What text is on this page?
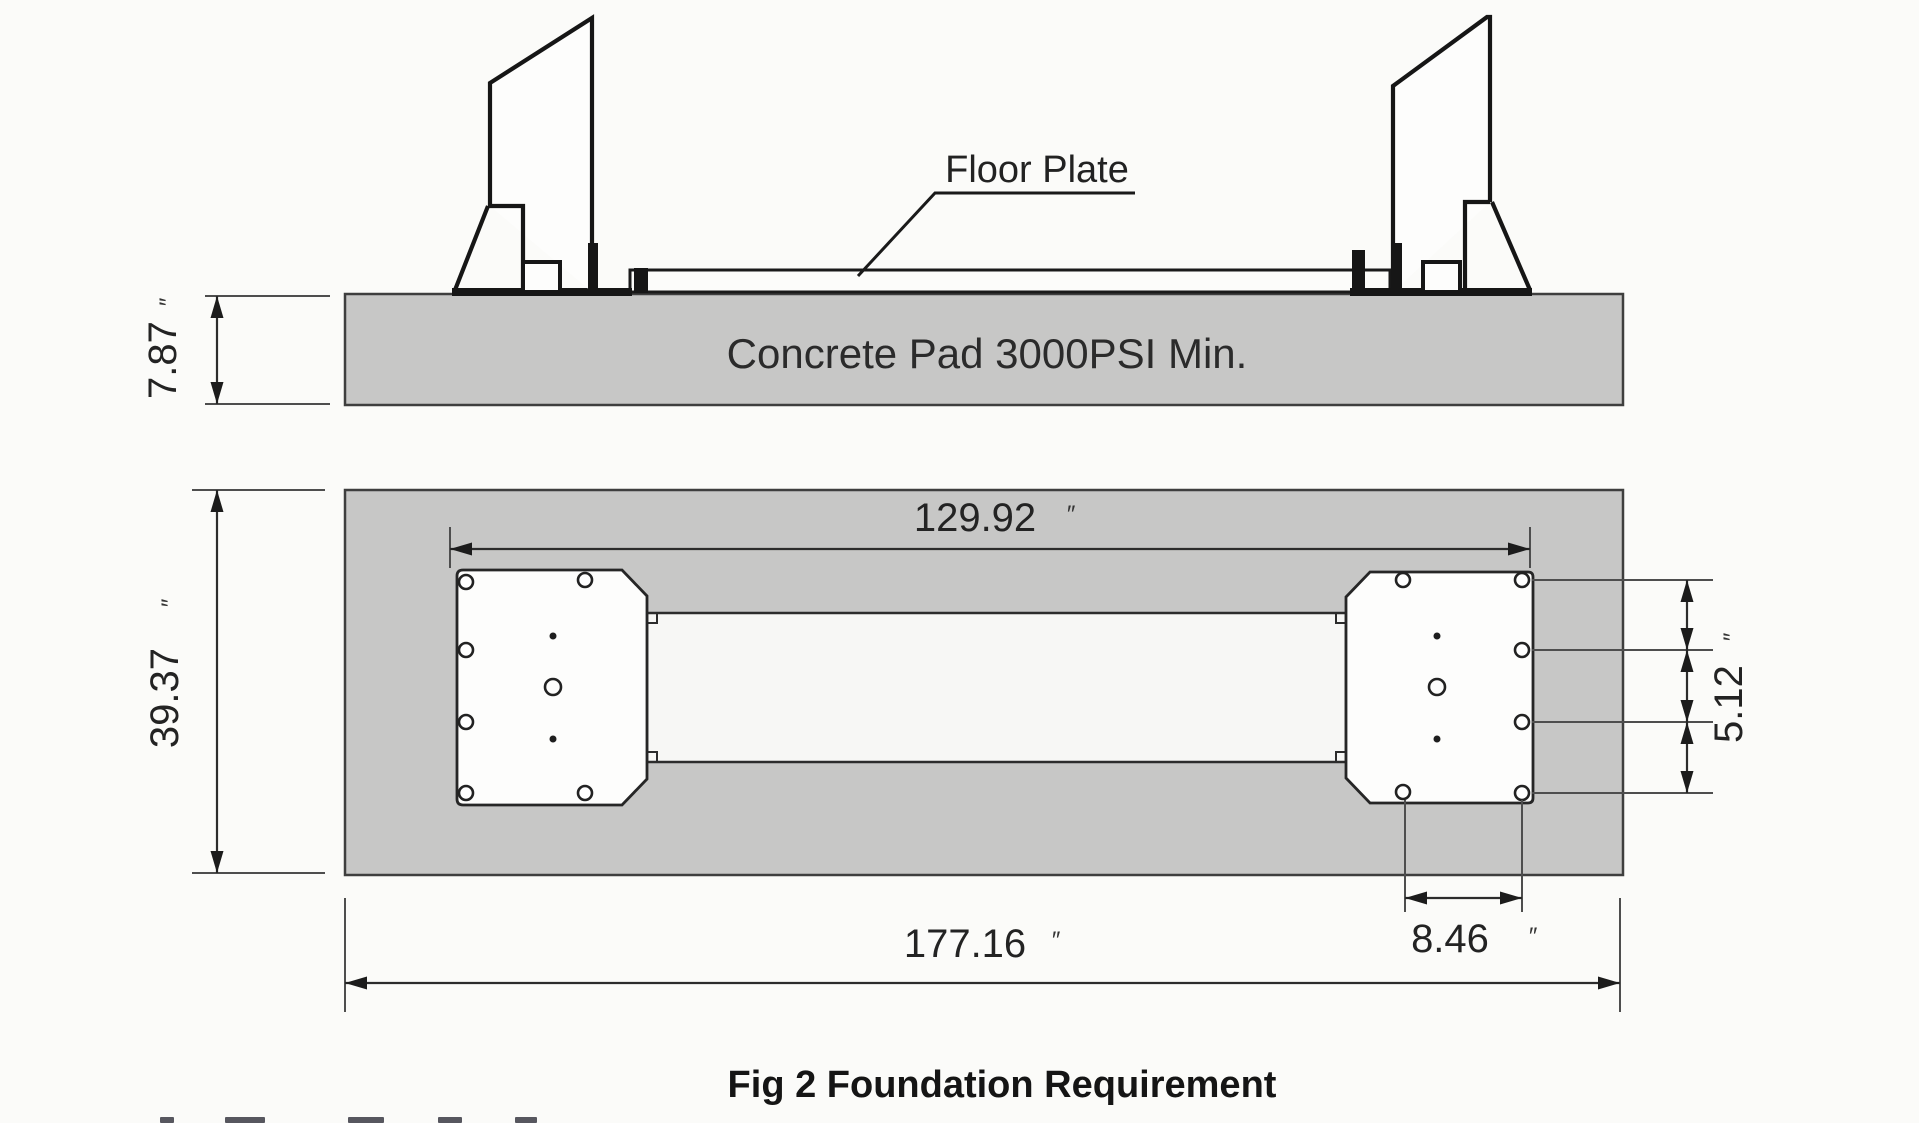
Concrete Pad 3000PSI Min.
Floor Plate
7.87
″
129.92 ″
39.37
″
5.12
″
8.46 ″
177.16 ″
Fig 2 Foundation Requirement
